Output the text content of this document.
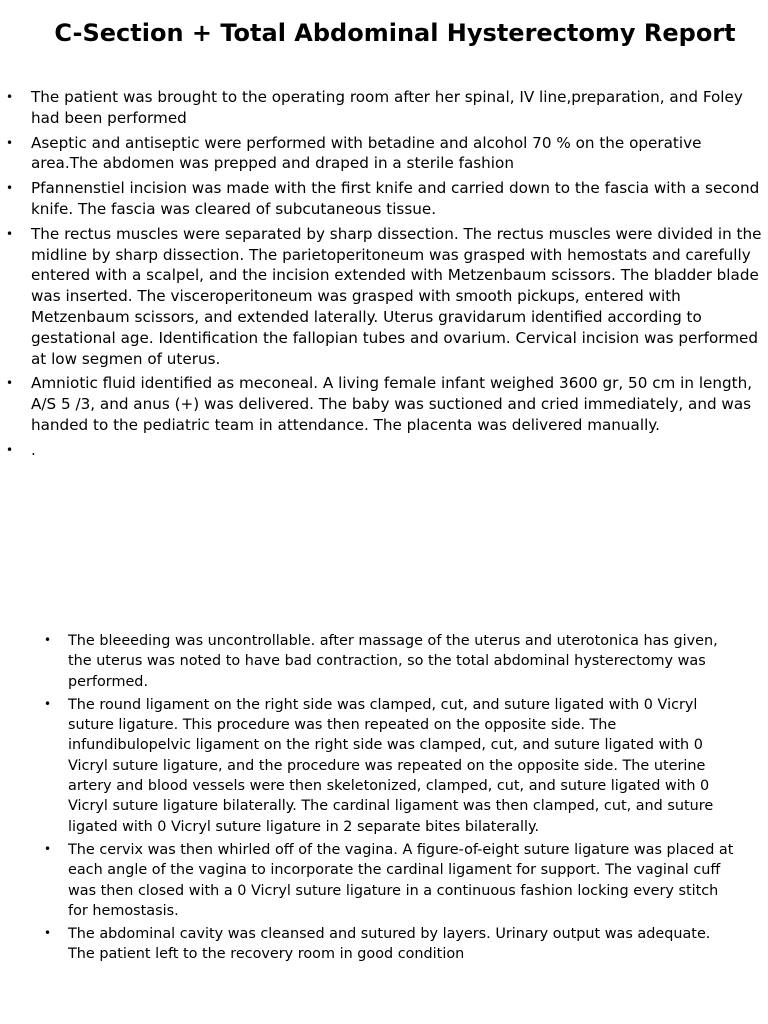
C-Section + Total Abdominal Hysterectomy Report
• The patient was brought to the operating room after her spinal, IV line,preparation, and Foley had been performed
• Aseptic and antiseptic were performed with betadine and alcohol 70 % on the operative area.The abdomen was prepped and draped in a sterile fashion
• Pfannenstiel incision was made with the first knife and carried down to the fascia with a second knife. The fascia was cleared of subcutaneous tissue.
• The rectus muscles were separated by sharp dissection. The rectus muscles were divided in the midline by sharp dissection. The parietoperitoneum was grasped with hemostats and carefully entered with a scalpel, and the incision extended with Metzenbaum scissors. The bladder blade was inserted. The visceroperitoneum was grasped with smooth pickups, entered with Metzenbaum scissors, and extended laterally. Uterus gravidarum identified according to gestational age. Identification the fallopian tubes and ovarium. Cervical incision was performed at low segmen of uterus.
• Amniotic fluid identified as meconeal. A living female infant weighed 3600 gr, 50 cm in length, A/S 5 /3, and anus (+) was delivered. The baby was suctioned and cried immediately, and was handed to the pediatric team in attendance. The placenta was delivered manually.
• .
• The bleeeding was uncontrollable. after massage of the uterus and uterotonica has given, the uterus was noted to have bad contraction, so the total abdominal hysterectomy was performed.
• The round ligament on the right side was clamped, cut, and suture ligated with 0 Vicryl suture ligature. This procedure was then repeated on the opposite side. The infundibulopelvic ligament on the right side was clamped, cut, and suture ligated with 0 Vicryl suture ligature, and the procedure was repeated on the opposite side. The uterine artery and blood vessels were then skeletonized, clamped, cut, and suture ligated with 0 Vicryl suture ligature bilaterally. The cardinal ligament was then clamped, cut, and suture ligated with 0 Vicryl suture ligature in 2 separate bites bilaterally.
• The cervix was then whirled off of the vagina. A figure-of-eight suture ligature was placed at each angle of the vagina to incorporate the cardinal ligament for support. The vaginal cuff was then closed with a 0 Vicryl suture ligature in a continuous fashion locking every stitch for hemostasis.
• The abdominal cavity was cleansed and sutured by layers. Urinary output was adequate. The patient left to the recovery room in good condition
